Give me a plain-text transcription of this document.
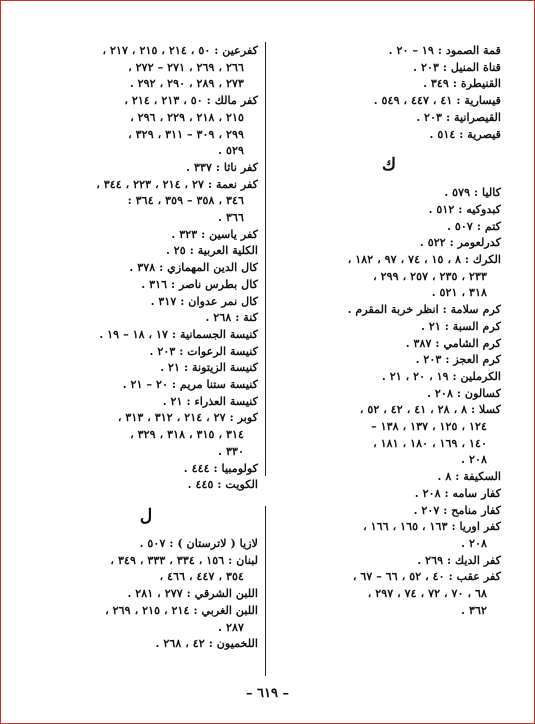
قمة الصمود : ١٩ – ٢٠ .
قناة المنيل : ٢٠٣ .
القنيطرة : ٣٤٩ .
قيسارية : ٤١ ، ٤٤٧ ، ٥٤٩ .
القيصرانية : ٢٠٣ .
قيصرية : ٥١٤ .
ك
كاليا : ٥٧٩ .
كبدوكيه : ٥١٢ .
كتم : ٥٠٧ .
كدرلعومر : ٥٢٢ .
الكرك : ٨ ، ١٥ ، ٧٤ ، ٩٧ ، ١٨٢ ،
٢٣٣ ، ٢٣٥ ، ٢٥٧ ، ٢٩٩ ،
٣١٨ ، ٥٢١ .
كرم سلامة : انظر خربة المقرم .
كرم السبة : ٢١ .
كرم الشامي : ٣٨٧ .
كرم العجز : ٢٠٣ .
الكرملين : ١٩ ، ٢٠ ، ٢١ .
كسالون : ٢٠٨ .
كسلا : ٨ ، ٢٨ ، ٤١ ، ٤٢ ، ٥٢ ،
١٢٤ ، ١٢٥ ، ١٣٧ ، ١٣٨ –
١٤٠ ، ١٦٩ ، ١٨٠ ، ١٨١ ،
٢٠٨ .
السكيفة : ٨ .
كفار سامه : ٢٠٨ .
كفار منامح : ٢٠٧ .
كفر اوريا : ١٦٣ ، ١٦٥ ، ١٦٦ ،
٢٠٨ .
كفر الديك : ٢٦٩ .
كفر عقب : ٤٠ ، ٥٢ ، ٦٦ – ٦٧ ،
٦٨ ، ٧٠ ، ٧٢ ، ٧٤ ، ٢٩٧ ،
٣٦٢ .
كفرعين : ٥٠ ، ٢١٤ ، ٢١٥ ، ٢١٧ ،
٢٦٦ ، ٢٦٩ ، ٢٧١ – ٢٧٢ ،
٢٧٣ ، ٢٨٩ ، ٢٩٠ ، ٢٩٢ .
كفر مالك : ٥٠ ، ٢١٣ ، ٢١٤ ،
٢١٥ ، ٢١٨ ، ٢٢٩ ، ٢٩٦ ،
٢٩٩ ، ٣٠٩ – ٣١١ ، ٣٢٩ ،
٥٢٩ .
كفر ناثا : ٣٣٧ .
كفر نعمة : ٢٧ ، ٢١٤ ، ٢٢٣ ، ٣٤٤ ،
٣٤٦ ، ٣٥٨ – ٣٥٩ ، ٣٦٤ :
٣٦٦ .
كفر ياسين : ٣٢٣ .
الكلية العربية : ٢٥ .
كال الدين المهمازي : ٣٧٨ .
كال بطرس ناصر : ٣١٦ .
كال نمر عدوان : ٣١٧ .
كنة : ٢٦٨ .
كنيسة الجسمانية : ١٧ ، ١٨ – ١٩ .
كنيسة الرعوات : ٢٠٣ .
كنيسة الزيتونة : ٢١ .
كنيسة ستنا مريم : ٢٠ – ٢١ .
كنيسة العذراء : ٢١ .
كوبر : ٢٧ ، ٢١٤ ، ٣١٢ ، ٣١٣ ،
٣١٤ ، ٣١٥ ، ٣١٨ ، ٣٢٩ ،
٣٣٠ .
كولومبيا : ٤٤٤ .
الكويت : ٤٤٥ .
ل
لازيا ( لاترستان ) : ٥٠٧ .
لبنان : ١٥٦ ، ٣٣٤ ، ٣٣٣ ، ٣٤٩ ،
٣٥٤ ، ٤٤٧ ، ٤٦٦ ،
اللبن الشرقي : ٢٧٧ ، ٢٨١ .
اللبن الغربي : ٢١٤ ، ٢١٥ ، ٢٦٩ ،
٢٨٧ .
اللخميون : ٤٢ ، ٢٦٨ .
– ٦١٩ –
